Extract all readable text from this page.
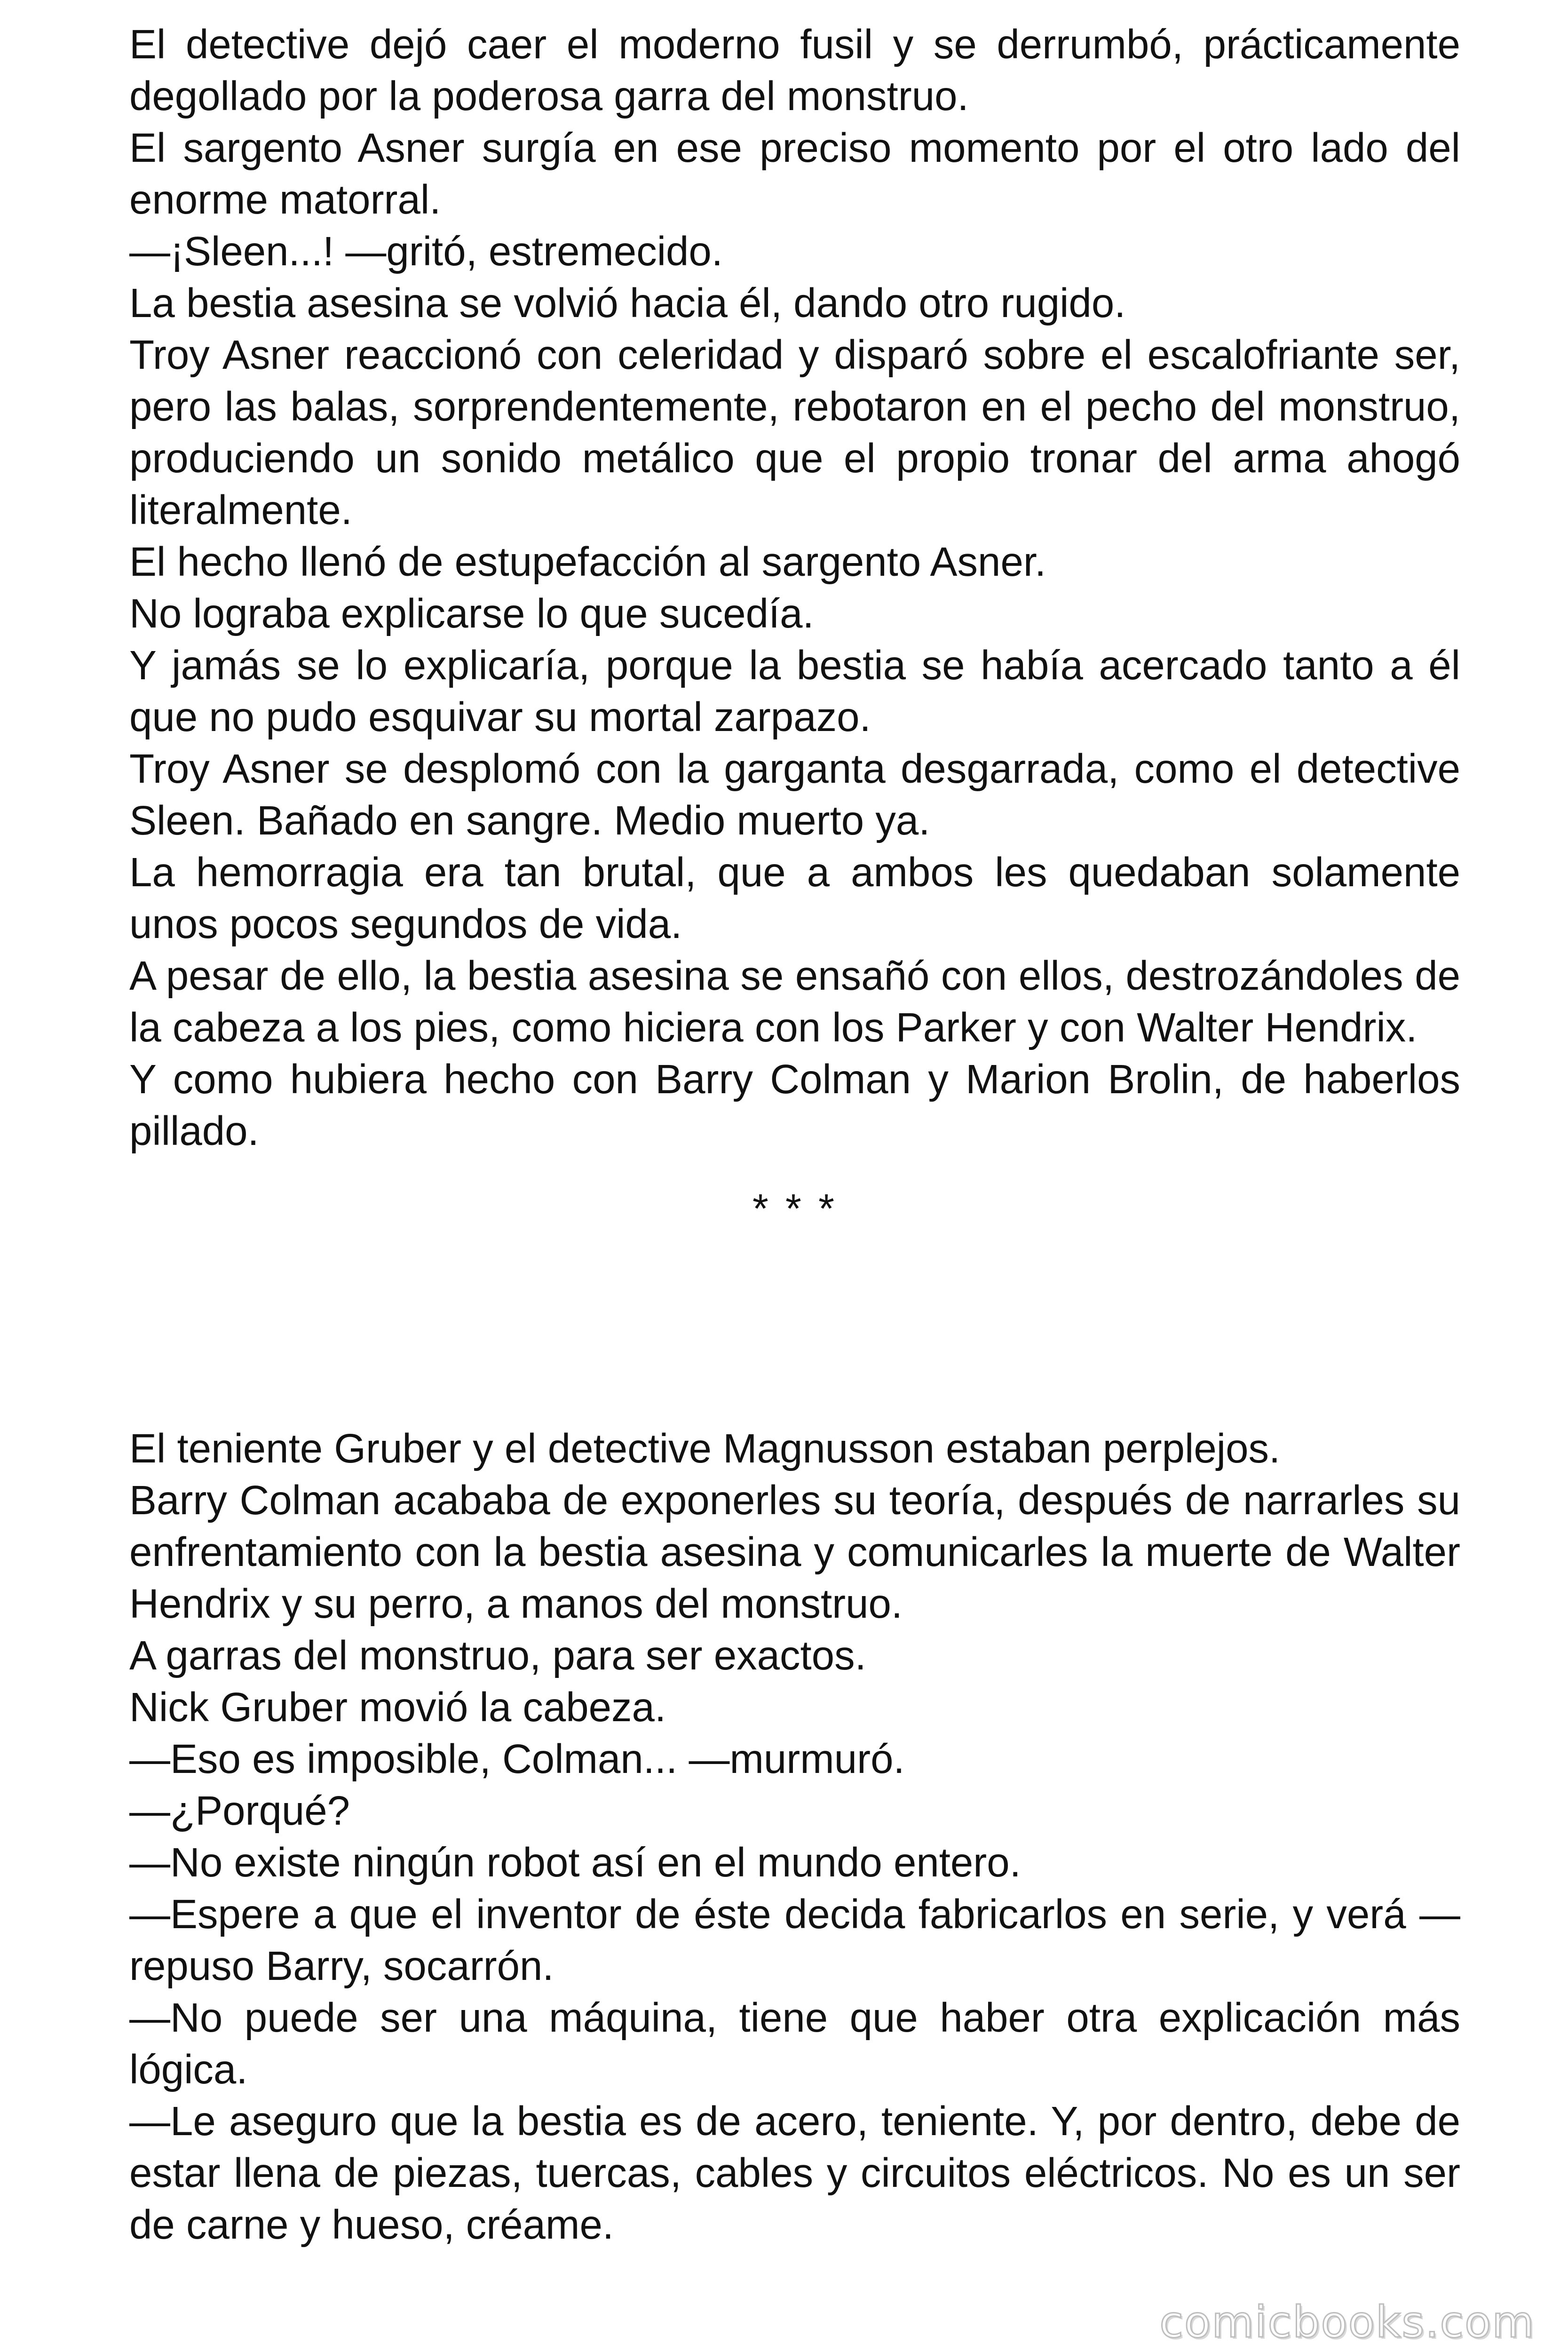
El detective dejó caer el moderno fusil y se derrumbó, prácticamente degollado por la poderosa garra del monstruo.

El sargento Asner surgía en ese preciso momento por el otro lado del enorme matorral.

—¡Sleen...! —gritó, estremecido.

La bestia asesina se volvió hacia él, dando otro rugido.

Troy Asner reaccionó con celeridad y disparó sobre el escalofriante ser, pero las balas, sorprendentemente, rebotaron en el pecho del monstruo, produciendo un sonido metálico que el propio tronar del arma ahogó literalmente.

El hecho llenó de estupefacción al sargento Asner.

No lograba explicarse lo que sucedía.

Y jamás se lo explicaría, porque la bestia se había acercado tanto a él que no pudo esquivar su mortal zarpazo.

Troy Asner se desplomó con la garganta desgarrada, como el detective Sleen. Bañado en sangre. Medio muerto ya.

La hemorragia era tan brutal, que a ambos les quedaban solamente unos pocos segundos de vida.

A pesar de ello, la bestia asesina se ensañó con ellos, destrozándoles de la cabeza a los pies, como hiciera con los Parker y con Walter Hendrix.

Y como hubiera hecho con Barry Colman y Marion Brolin, de haberlos pillado.

* * *

El teniente Gruber y el detective Magnusson estaban perplejos.

Barry Colman acababa de exponerles su teoría, después de narrarles su enfrentamiento con la bestia asesina y comunicarles la muerte de Walter Hendrix y su perro, a manos del monstruo.

A garras del monstruo, para ser exactos.

Nick Gruber movió la cabeza.

—Eso es imposible, Colman... —murmuró.

—¿Porqué?

—No existe ningún robot así en el mundo entero.

—Espere a que el inventor de éste decida fabricarlos en serie, y verá —repuso Barry, socarrón.

—No puede ser una máquina, tiene que haber otra explicación más lógica.

—Le aseguro que la bestia es de acero, teniente. Y, por dentro, debe de estar llena de piezas, tuercas, cables y circuitos eléctricos. No es un ser de carne y hueso, créame.

comicbooks.com
